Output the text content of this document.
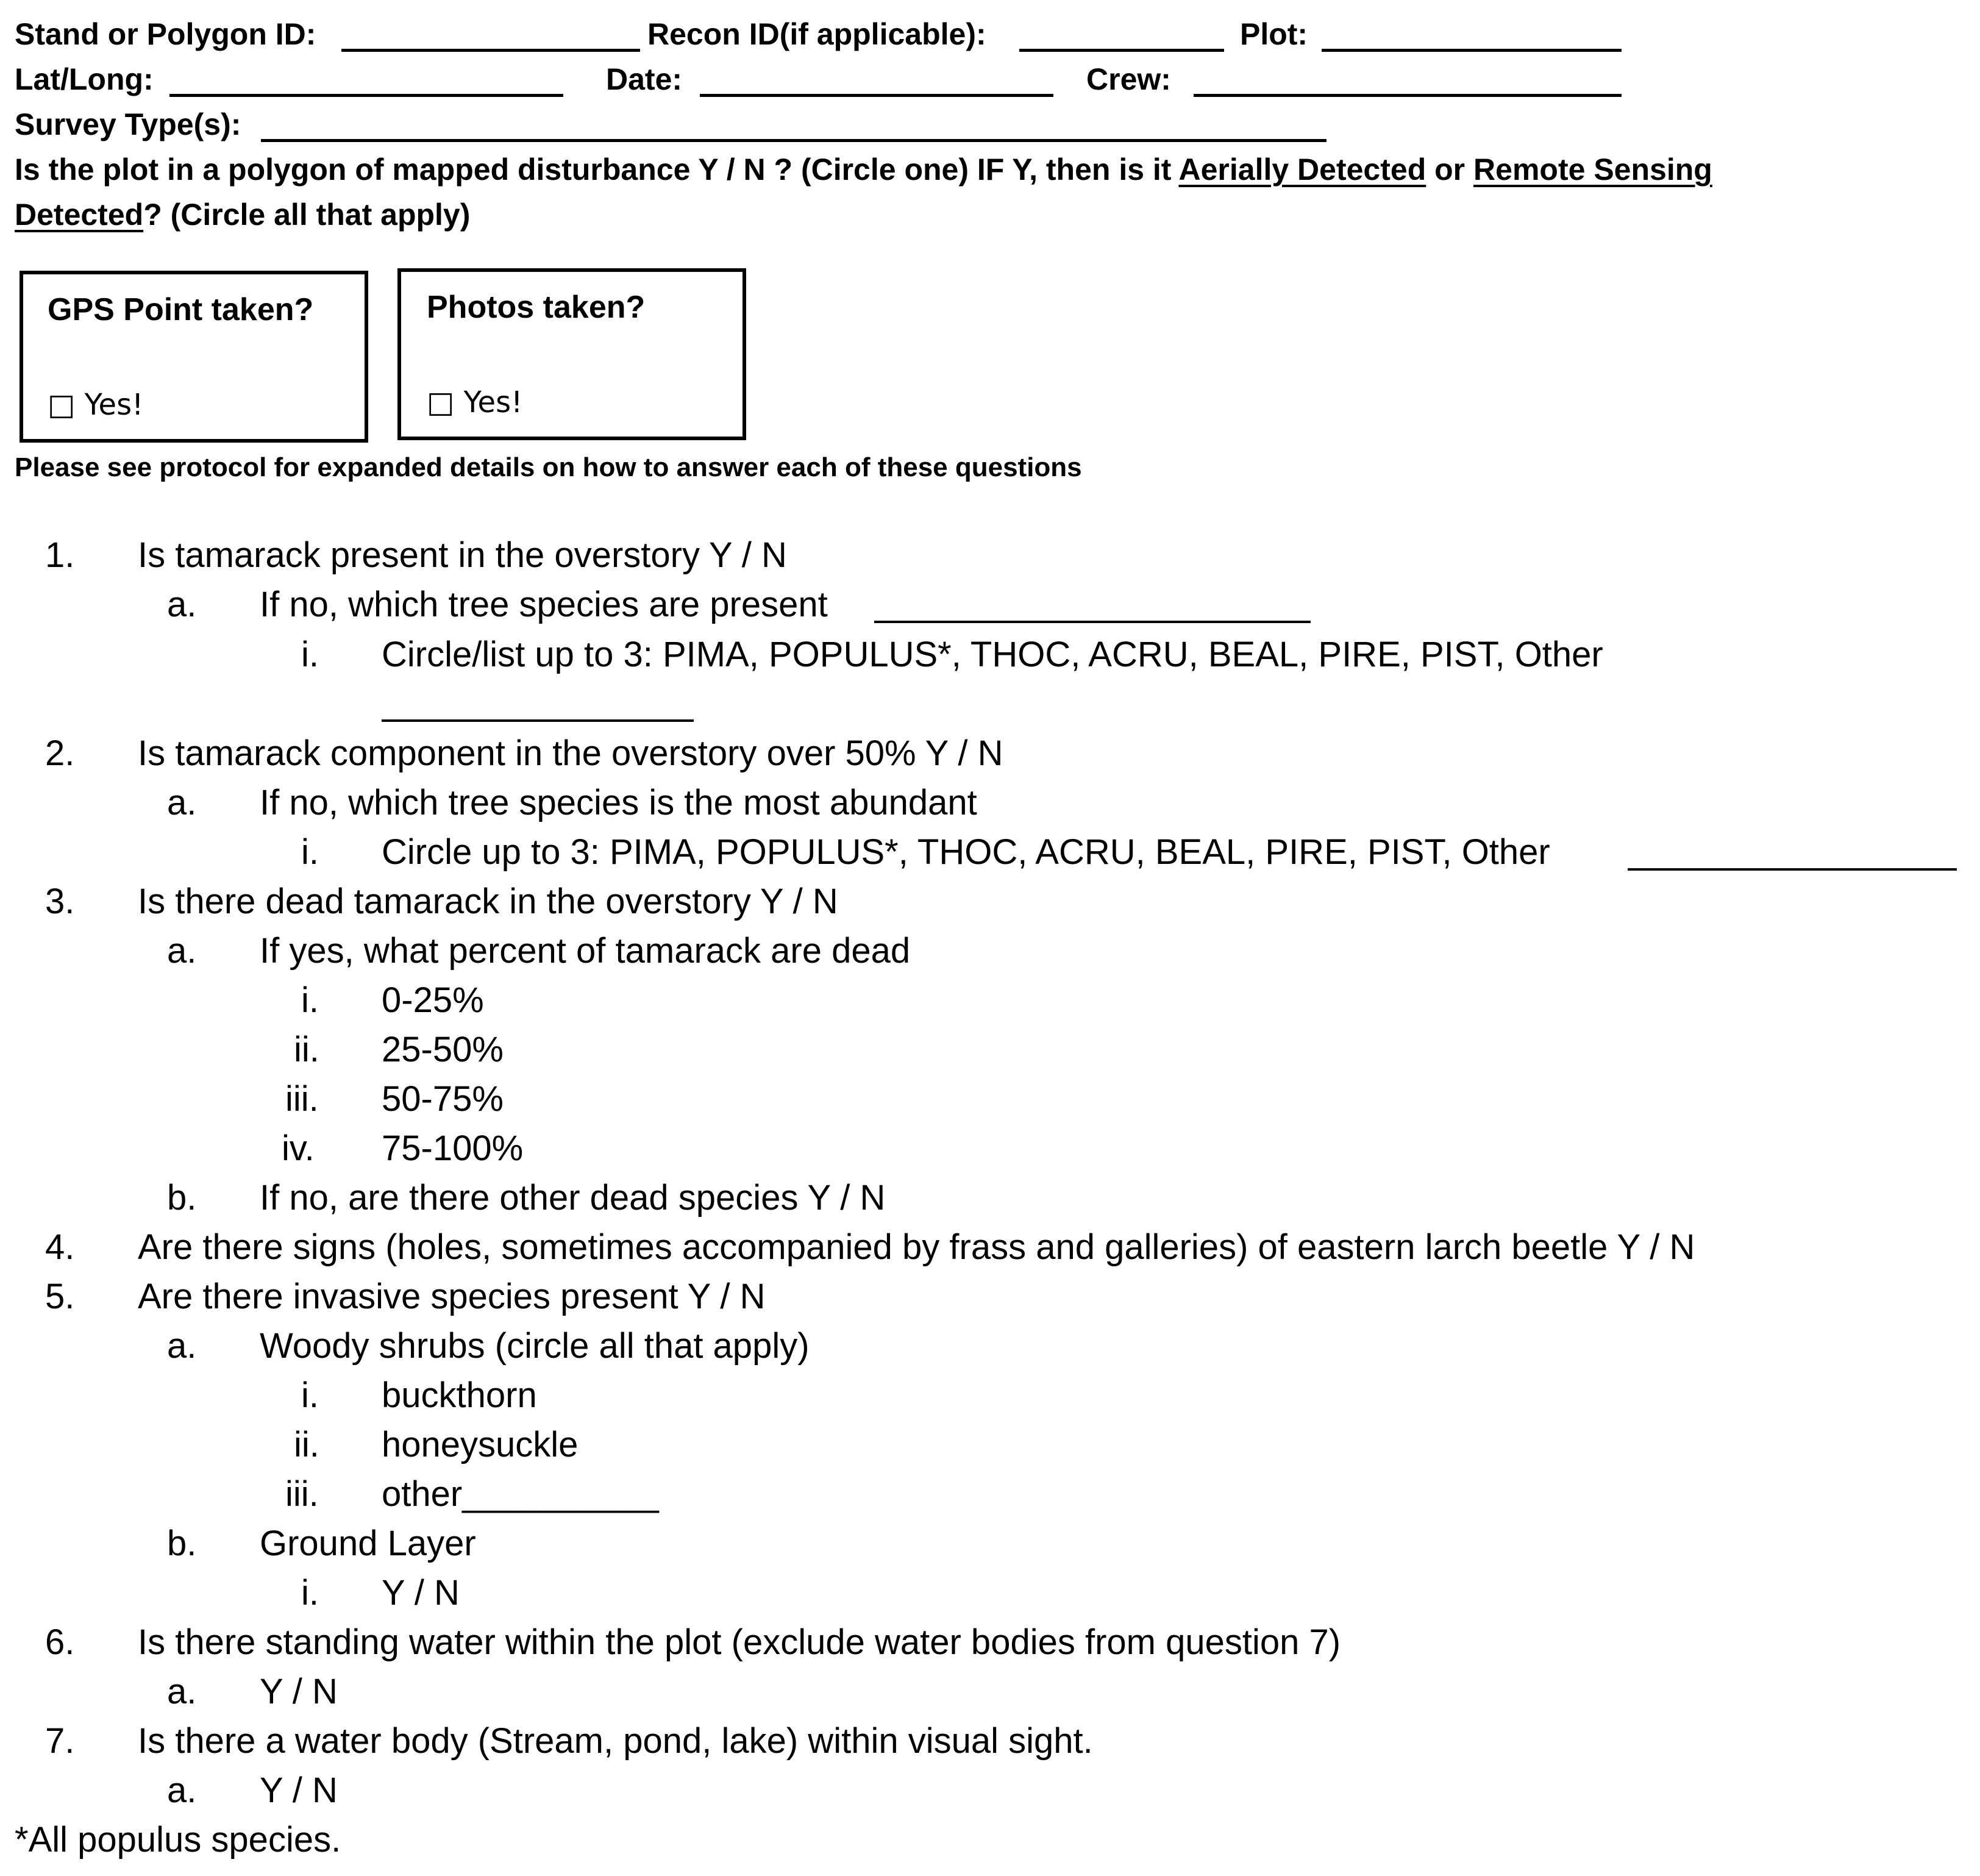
Stand or Polygon ID:	Recon ID(if applicable):	Plot:
Lat/Long:	Date:	Crew:
Survey Type(s):
Is the plot in a polygon of mapped disturbance Y / N ? (Circle one) IF Y, then is it Aerially Detected or Remote Sensing
Detected? (Circle all that apply)
GPS Point taken?
□ Yes!
Photos taken?
□ Yes!
Please see protocol for expanded details on how to answer each of these questions
1. Is tamarack present in the overstory Y / N
a. If no, which tree species are present
i. Circle/list up to 3: PIMA, POPULUS*, THOC, ACRU, BEAL, PIRE, PIST, Other
2. Is tamarack component in the overstory over 50% Y / N
a. If no, which tree species is the most abundant
i. Circle up to 3: PIMA, POPULUS*, THOC, ACRU, BEAL, PIRE, PIST, Other
3. Is there dead tamarack in the overstory Y / N
a. If yes, what percent of tamarack are dead
i. 0-25%
ii. 25-50%
iii. 50-75%
iv. 75-100%
b. If no, are there other dead species Y / N
4. Are there signs (holes, sometimes accompanied by frass and galleries) of eastern larch beetle Y / N
5. Are there invasive species present Y / N
a. Woody shrubs (circle all that apply)
i. buckthorn
ii. honeysuckle
iii. other__________
b. Ground Layer
i. Y / N
6. Is there standing water within the plot (exclude water bodies from question 7)
a. Y / N
7. Is there a water body (Stream, pond, lake) within visual sight.
a. Y / N
*All populus species.
